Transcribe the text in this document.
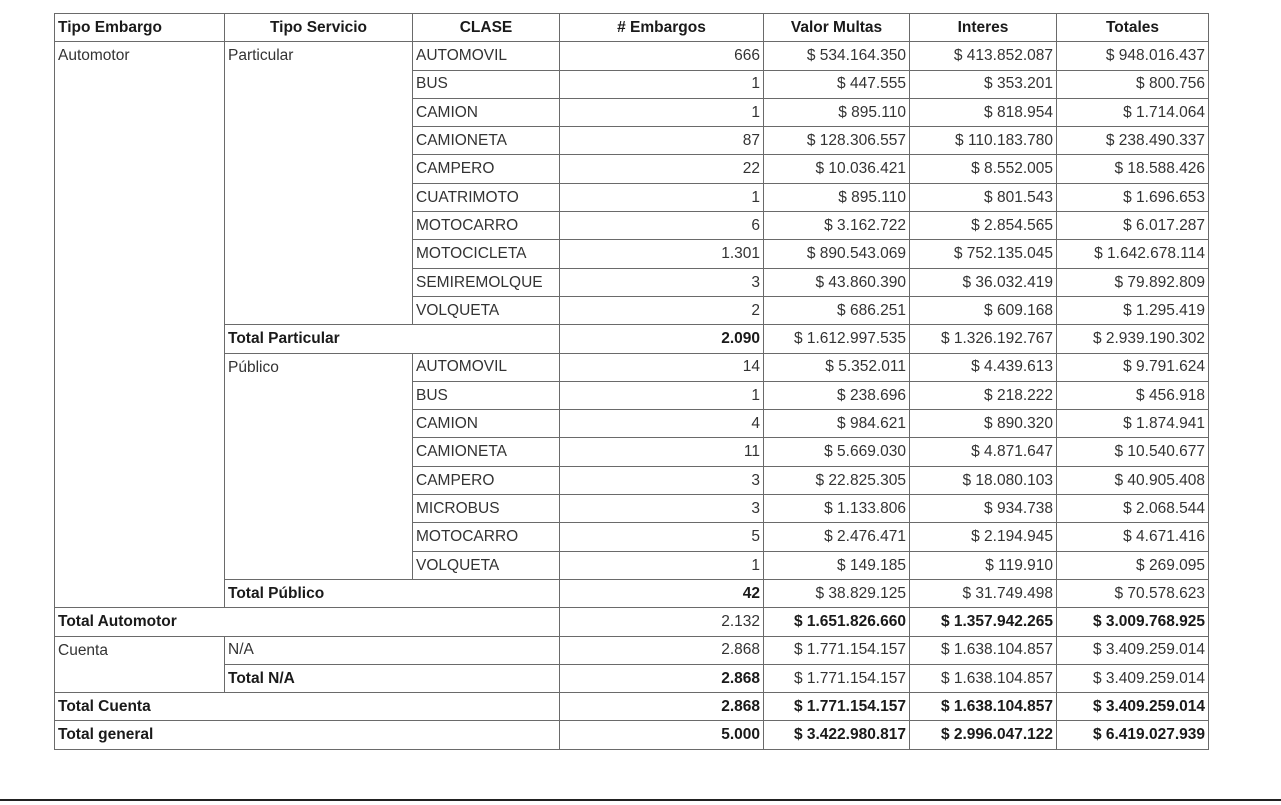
Tipo Embargo	Tipo Servicio	CLASE	# Embargos	Valor Multas	Interes	Totales
Automotor	Particular	AUTOMOVIL	666	$ 534.164.350	$ 413.852.087	$ 948.016.437
		BUS	1	$ 447.555	$ 353.201	$ 800.756
		CAMION	1	$ 895.110	$ 818.954	$ 1.714.064
		CAMIONETA	87	$ 128.306.557	$ 110.183.780	$ 238.490.337
		CAMPERO	22	$ 10.036.421	$ 8.552.005	$ 18.588.426
		CUATRIMOTO	1	$ 895.110	$ 801.543	$ 1.696.653
		MOTOCARRO	6	$ 3.162.722	$ 2.854.565	$ 6.017.287
		MOTOCICLETA	1.301	$ 890.543.069	$ 752.135.045	$ 1.642.678.114
		SEMIREMOLQUE	3	$ 43.860.390	$ 36.032.419	$ 79.892.809
		VOLQUETA	2	$ 686.251	$ 609.168	$ 1.295.419
	Total Particular		2.090	$ 1.612.997.535	$ 1.326.192.767	$ 2.939.190.302
	Público	AUTOMOVIL	14	$ 5.352.011	$ 4.439.613	$ 9.791.624
		BUS	1	$ 238.696	$ 218.222	$ 456.918
		CAMION	4	$ 984.621	$ 890.320	$ 1.874.941
		CAMIONETA	11	$ 5.669.030	$ 4.871.647	$ 10.540.677
		CAMPERO	3	$ 22.825.305	$ 18.080.103	$ 40.905.408
		MICROBUS	3	$ 1.133.806	$ 934.738	$ 2.068.544
		MOTOCARRO	5	$ 2.476.471	$ 2.194.945	$ 4.671.416
		VOLQUETA	1	$ 149.185	$ 119.910	$ 269.095
	Total Público		42	$ 38.829.125	$ 31.749.498	$ 70.578.623
Total Automotor			2.132	$ 1.651.826.660	$ 1.357.942.265	$ 3.009.768.925
Cuenta	N/A		2.868	$ 1.771.154.157	$ 1.638.104.857	$ 3.409.259.014
	Total N/A		2.868	$ 1.771.154.157	$ 1.638.104.857	$ 3.409.259.014
Total Cuenta			2.868	$ 1.771.154.157	$ 1.638.104.857	$ 3.409.259.014
Total general			5.000	$ 3.422.980.817	$ 2.996.047.122	$ 6.419.027.939
